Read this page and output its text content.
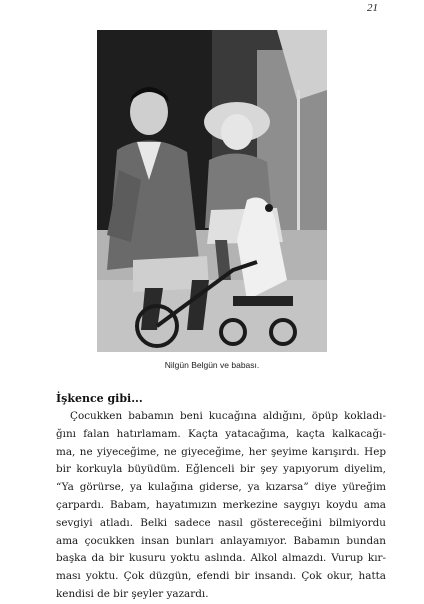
21
Nilgün Belgün ve babası.
İşkence gibi...

Çocukken babamın beni kucağına aldığını, öpüp kokladı-
ğını falan hatırlamam. Kaçta yatacağıma, kaçta kalkacağı-
ma, ne yiyeceğime, ne giyeceğime, her şeyime karışırdı. Hep
bir korkuyla büyüdüm. Eğlenceli bir şey yapıyorum diyelim,
“Ya görürse, ya kulağına giderse, ya kızarsa” diye yüreğim
çarpardı. Babam, hayatımızın merkezine saygıyı koydu ama
sevgiyi atladı. Belki sadece nasıl göstereceğini bilmiyordu
ama çocukken insan bunları anlayamıyor. Babamın bundan
başka da bir kusuru yoktu aslında. Alkol almazdı. Vurup kır-
ması yoktu. Çok düzgün, efendi bir insandı. Çok okur, hatta
kendisi de bir şeyler yazardı.
